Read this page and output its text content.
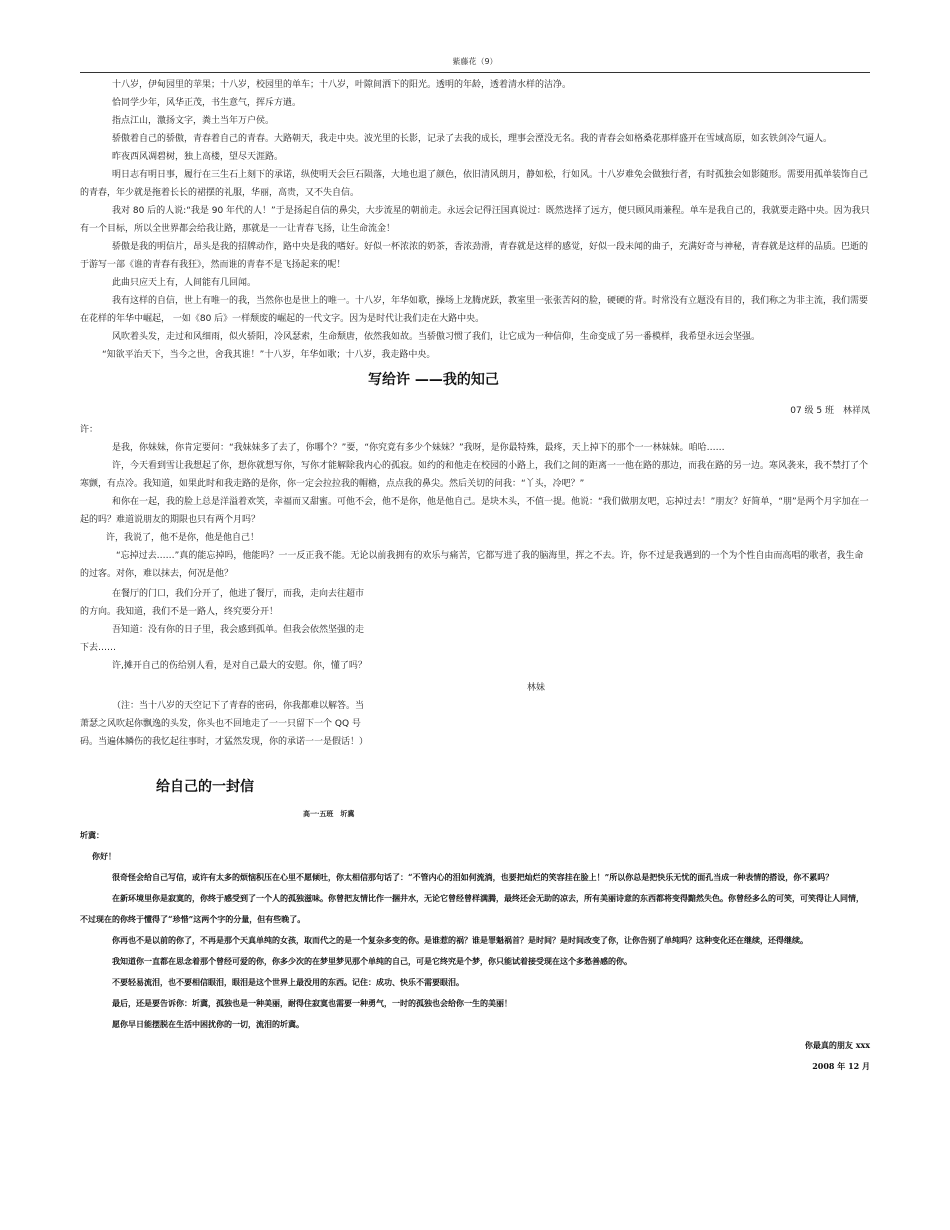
紫藤花（9）

十八岁，伊甸园里的苹果；十八岁，校园里的单车；十八岁，叶隙间洒下的阳光。透明的年龄，透着清水样的洁净。

恰同学少年，风华正茂，书生意气，挥斥方遒。

指点江山，激扬文字，粪土当年万户侯。

骄傲着自己的骄傲，青春着自己的青春。大路朝天，我走中央。波光里的长影，记录了去我的成长，理事会湮没无名。我的青春会如格桑花那样盛开在雪域高原，如玄铁剑冷气逼人。

昨夜西风凋碧树，独上高楼，望尽天涯路。

明日志有明日事，履行在三生石上刻下的承诺，纵使明天会巨石陨落，大地也退了颜色，依旧清风朗月，静如松，行如风。十八岁难免会做独行者，有时孤独会如影随形。需要用孤单装饰自己的青春，年少就是拖着长长的裙摆的礼服，华丽，高贵，又不失自信。

我对 80 后的人说:“我是 90 年代的人！”于是扬起自信的鼻尖，大步流星的朝前走。永远会记得汪国真说过：既然选择了远方，便只顾风雨兼程。单车是我自己的，我就要走路中央。因为我只有一个目标，所以全世界都会给我让路，那就是一一让青春飞扬，让生命流金！

骄傲是我的明信片，昂头是我的招牌动作，路中央是我的嗜好。好似一杯浓浓的奶茶，香浓劲滑，青春就是这样的感觉，好似一段未闻的曲子，充满好奇与神秘，青春就是这样的品质。巴逝的于游写一部《谁的青春有我狂》，然而谁的青春不是飞扬起来的呢！

此曲只应天上有，人间能有几回闻。

我有这样的自信，世上有唯一的我，当然你也是世上的唯一。十八岁，年华如歌，操场上龙腾虎跃，教室里一张张苦闷的脸，硬硬的背。时常没有立题没有目的，我们称之为非主流，我们需要在花样的年华中崛起， 一如《80 后》一样颓废的崛起的一代文字。因为是时代让我们走在大路中央。

风吹着头发，走过和风细雨，似火骄阳，冷风瑟索，生命颓唐，依然我如故。当骄傲习惯了我们，让它成为一种信仰，生命变成了另一番模样，我希望永远会坚强。

“知欲平治天下，当今之世，舍我其谁！”十八岁，年华如歌；十八岁，我走路中央。

写给许 ——我的知己
07 级 5 班　林祥凤

许：

是我，你妹妹，你肯定要问：“我妹妹多了去了，你哪个？”要，“你究竟有多少个妹妹？”我呀，是你最特殊，最疼，天上掉下的那个一一林妹妹。咱哈……

许，今天看到雪让我想起了你，想你就想写你，写你才能解除我内心的孤寂。如约的和他走在校园的小路上，我们之间的距离一一他在路的那边，而我在路的另一边。寒风袭来，我不禁打了个寒颤，有点冷。我知道，如果此时和我走路的是你，你一定会拉拉我的帽檐，点点我的鼻尖。然后关切的问我：“丫头，冷吧？”

和你在一起，我的脸上总是洋溢着欢笑，幸福而又甜蜜。可他不会，他不是你，他是他自己。是块木头，不值一提。他说：“我们做朋友吧，忘掉过去！”朋友？好简单，“朋”是两个月字加在一起的吗？难道说朋友的期限也只有两个月吗？

许，我说了，他不是你，他是他自己！

“忘掉过去……”真的能忘掉吗，他能吗？一一反正我不能。无论以前我拥有的欢乐与痛苦，它都写进了我的脑海里，挥之不去。许，你不过是我遇到的一个为个性自由而高唱的歌者，我生命的过客。对你，难以抹去，何况是他？

在餐厅的门口，我们分开了，他进了餐厅，而我，走向去往超市的方向。我知道，我们不是一路人，终究要分开！

吾知道：没有你的日子里，我会感到孤单。但我会依然坚强的走下去……

许,摊开自己的伤给别人看，是对自己最大的安慰。你，懂了吗？

林妹

（注：当十八岁的天空记下了青春的密码，你我都难以解答。当萧瑟之风吹起你飘逸的头发，你头也不回地走了一一只留下一个 QQ 号码。当遍体鳞伤的我忆起往事时，才猛然发现，你的承诺一一是假话！）

给自己的一封信
高一·五班　圻冀

圻冀：

你好！

很奇怪会给自己写信，或许有太多的烦恼积压在心里不愿倾吐，你太相信那句话了：“不管内心的泪如何流淌，也要把灿烂的笑容挂在脸上！”所以你总是把快乐无忧的面孔当成一种表情的搭设，你不累吗？

在新环境里你是寂寞的，你终于感受到了一个人的孤独滋味。你曾把友情比作一捆井水，无论它曾经曾样满腾，最终还会无助的凉去，所有美丽诗意的东西都将变得黯然失色。你曾经多么的可笑，可笑得让人同情，不过现在的你终于懂得了“珍惜”这两个字的分量，但有些晚了。

你再也不是以前的你了，不再是那个天真单纯的女孩，取而代之的是一个复杂多变的你。是谁惹的祸？谁是罪魁祸首？是时间？是时间改变了你，让你告别了单纯吗？这种变化还在继续，还得继续。

我知道你一直都在思念着那个曾经可爱的你，你多少次的在梦里梦见那个单纯的自己，可是它终究是个梦，你只能试着接受现在这个多愁善感的你。

不要轻易流泪，也不要相信眼泪，眼泪是这个世界上最没用的东西。记住：成功、快乐不需要眼泪。

最后，还是要告诉你：圻冀，孤独也是一种美丽，耐得住寂寞也需要一种勇气，一时的孤独也会给你一生的美丽！

愿你早日能摆脱在生活中困扰你的一切，流泪的圻冀。

你最真的朋友 xxx

2008 年 12 月
